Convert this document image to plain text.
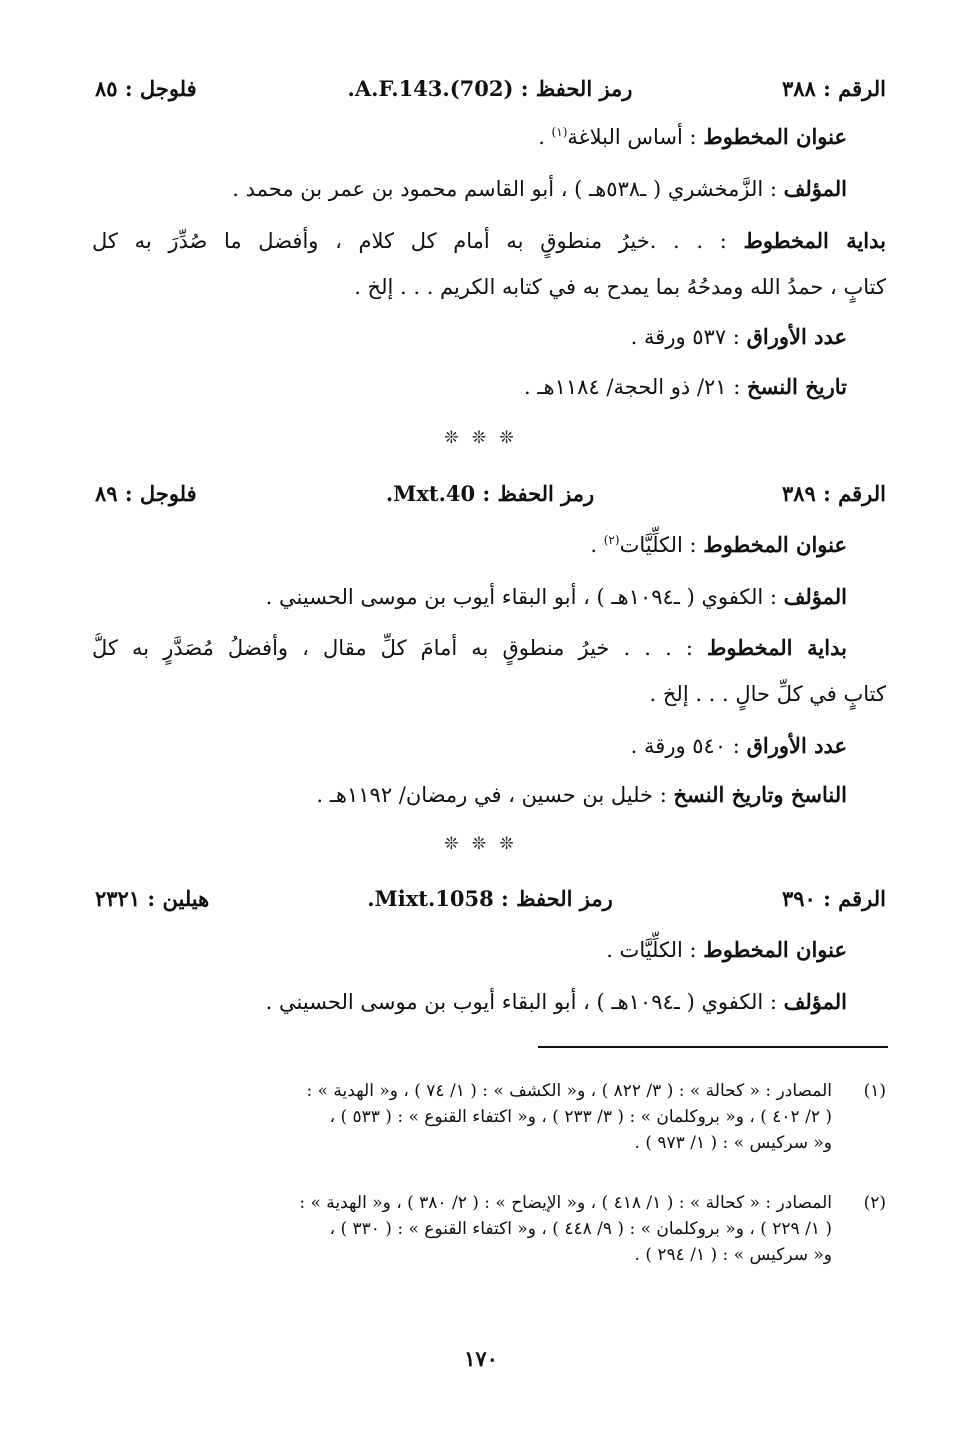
الرقم : ٣٨٨
رمز الحفظ : A.F.143.(702).
فلوجل : ٨٥
عنوان المخطوط : أساس البلاغة$^{(١)}$ .
المؤلف : الزَّمخشري ( ـ٥٣٨هـ ) ، أبو القاسم محمود بن عمر بن محمد .
بداية المخطوط : . . .خيرُ منطوقٍ به أمام كل كلام ، وأفضل ما صُدِّرَ به كل
كتابٍ ، حمدُ الله ومدحُهُ بما يمدح به في كتابه الكريم . . . إلخ .
عدد الأوراق : ٥٣٧ ورقة .
تاريخ النسخ : ٢١/ ذو الحجة/ ١١٨٤هـ .
❊ ❊ ❊
الرقم : ٣٨٩
رمز الحفظ : Mxt.40.
فلوجل : ٨٩
عنوان المخطوط : الكلِّيَّات$^{(٢)}$ .
المؤلف : الكفوي ( ـ١٠٩٤هـ ) ، أبو البقاء أيوب بن موسى الحسيني .
بداية المخطوط : . . . خيرُ منطوقٍ به أمامَ كلِّ مقال ، وأفضلُ مُصَدَّرٍ به كلُّ
كتابٍ في كلِّ حالٍ . . . إلخ .
عدد الأوراق : ٥٤٠ ورقة .
الناسخ وتاريخ النسخ : خليل بن حسين ، في رمضان/ ١١٩٢هـ .
❊ ❊ ❊
الرقم : ٣٩٠
رمز الحفظ : Mixt.1058.
هيلين : ٢٣٢١
عنوان المخطوط : الكلِّيَّات .
المؤلف : الكفوي ( ـ١٠٩٤هـ ) ، أبو البقاء أيوب بن موسى الحسيني .
(١)
المصادر : « كحالة » : ( ٣/ ٨٢٢ ) ، و« الكشف » : ( ١/ ٧٤ ) ، و« الهدية » :
( ٢/ ٤٠٢ ) ، و« بروكلمان » : ( ٣/ ٢٣٣ ) ، و« اكتفاء القنوع » : ( ٥٣٣ ) ،
و« سركيس » : ( ١/ ٩٧٣ ) .
(٢)
المصادر : « كحالة » : ( ١/ ٤١٨ ) ، و« الإيضاح » : ( ٢/ ٣٨٠ ) ، و« الهدية » :
( ١/ ٢٢٩ ) ، و« بروكلمان » : ( ٩/ ٤٤٨ ) ، و« اكتفاء القنوع » : ( ٣٣٠ ) ،
و« سركيس » : ( ١/ ٢٩٤ ) .
١٧٠
